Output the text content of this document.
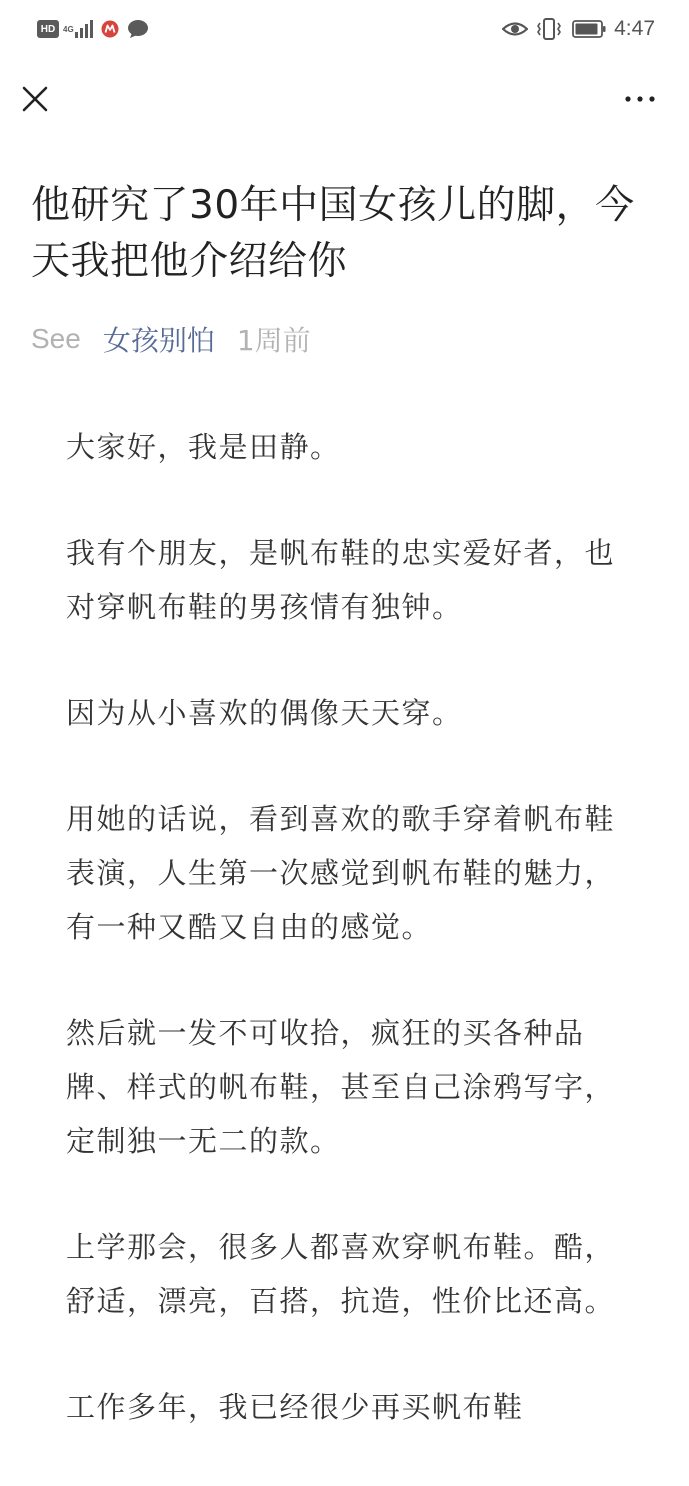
HD 4G	4:47
他研究了30年中国女孩儿的脚，今天我把他介绍给你
See 女孩别怕 1周前

大家好，我是田静。

我有个朋友，是帆布鞋的忠实爱好者，也对穿帆布鞋的男孩情有独钟。

因为从小喜欢的偶像天天穿。

用她的话说，看到喜欢的歌手穿着帆布鞋表演，人生第一次感觉到帆布鞋的魅力，有一种又酷又自由的感觉。

然后就一发不可收拾，疯狂的买各种品牌、样式的帆布鞋，甚至自己涂鸦写字，定制独一无二的款。

上学那会，很多人都喜欢穿帆布鞋。酷，舒适，漂亮，百搭，抗造，性价比还高。

工作多年，我已经很少再买帆布鞋
